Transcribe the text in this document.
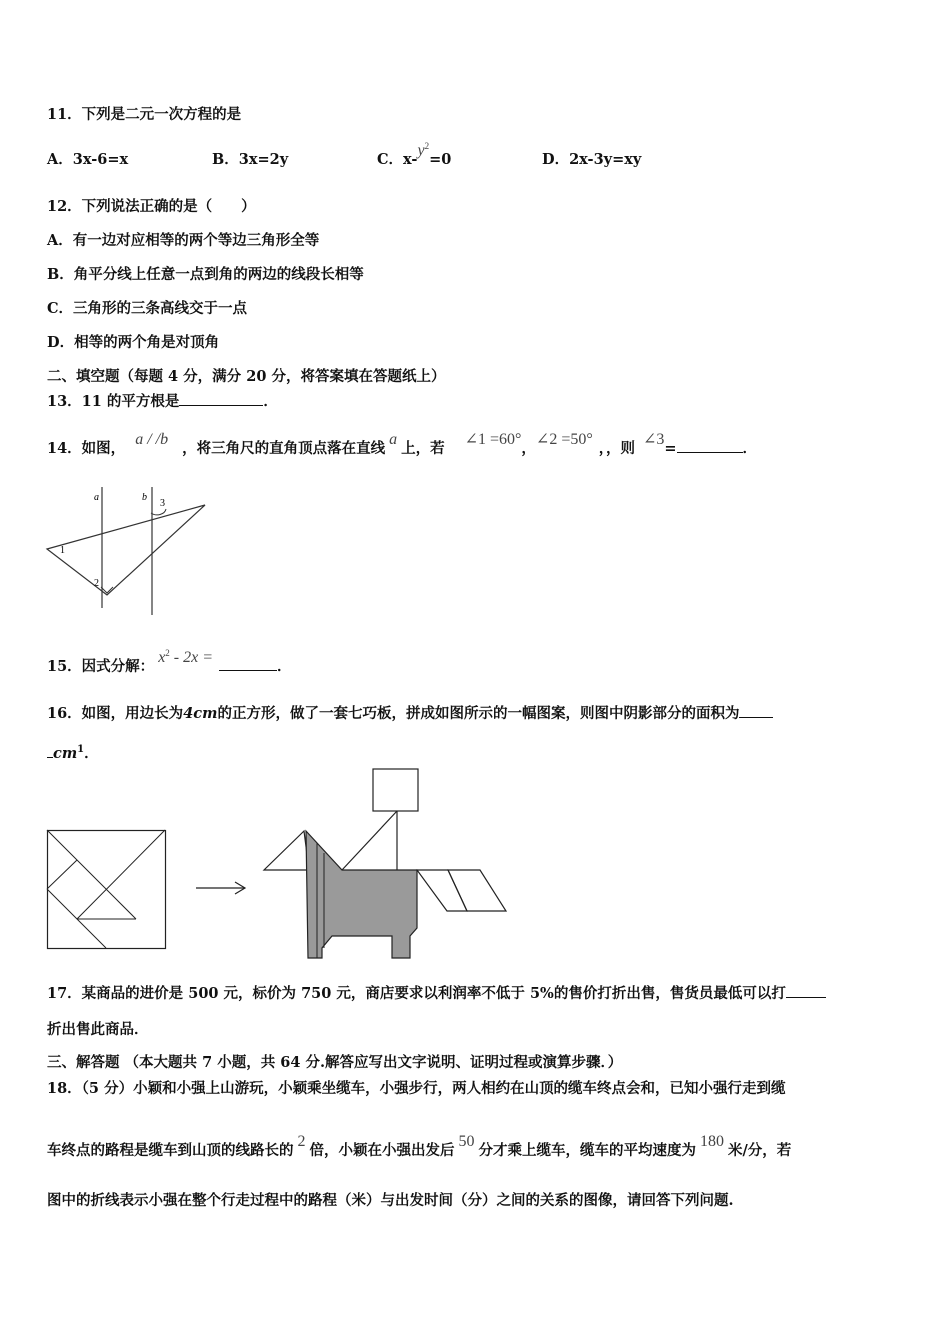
11．下列是二元一次方程的是
A．3x-6=x	B．3x=2y	C．$x-y^2=0$	D．2x-3y=xy
12．下列说法正确的是（　　）
A．有一边对应相等的两个等边三角形全等
B．角平分线上任意一点到角的两边的线段长相等
C．三角形的三条高线交于一点
D．相等的两个角是对顶角
二、填空题（每题 4 分，满分 20 分，将答案填在答题纸上）
13．11 的平方根是	．
14．如图，a / /b，将三角尺的直角顶点落在直线a上，若∠1 =60°，∠2 =50°，，则∠3=	．
a	b
1
2
3
15．因式分解：$x^2 - 2x$ =．
16．如图，用边长为4cm的正方形，做了一套七巧板，拼成如图所示的一幅图案，则图中阴影部分的面积为
$cm^1$．
17．某商品的进价是 500 元，标价为 750 元，商店要求以利润率不低于 5%的售价打折出售，售货员最低可以打
折出售此商品．
三、解答题 （本大题共 7 小题，共 64 分.解答应写出文字说明、证明过程或演算步骤．）
18．（5 分）小颖和小强上山游玩，小颖乘坐缆车，小强步行，两人相约在山顶的缆车终点会和，已知小强行走到缆
车终点的路程是缆车到山顶的线路长的2倍，小颖在小强出发后50分才乘上缆车，缆车的平均速度为180米/分，若
图中的折线表示小强在整个行走过程中的路程（米）与出发时间（分）之间的关系的图像，请回答下列问题.
